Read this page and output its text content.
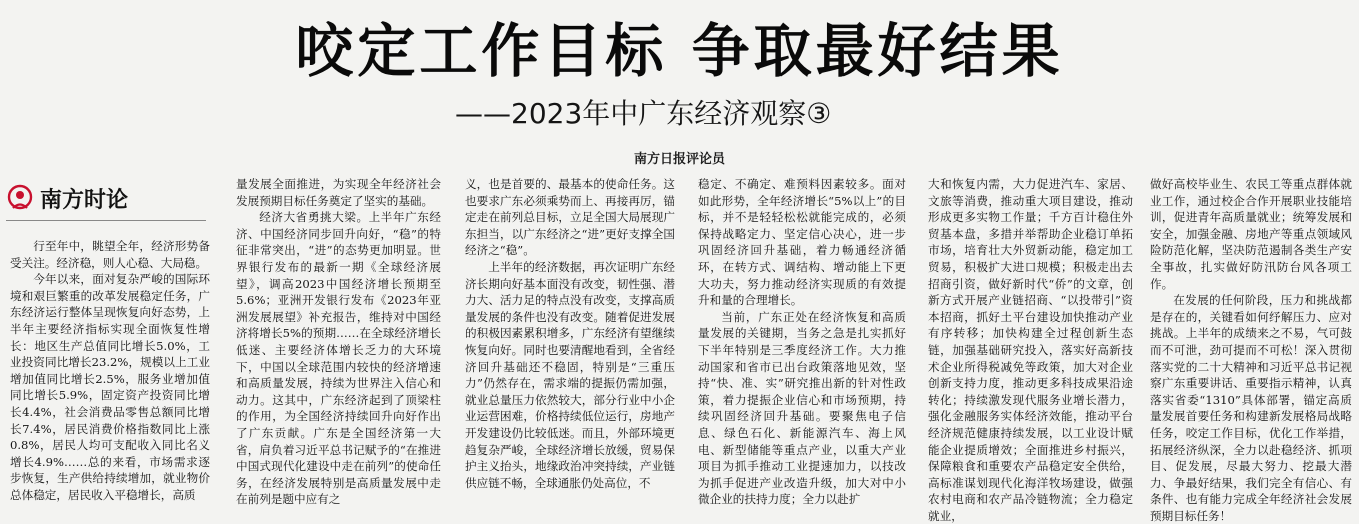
咬定工作目标 争取最好结果
——2023年中广东经济观察③
南方日报评论员
南方时论

行至年中，眺望全年，经济形势备受关注。经济稳，则人心稳、大局稳。

今年以来，面对复杂严峻的国际环境和艰巨繁重的改革发展稳定任务，广东经济运行整体呈现恢复向好态势，上半年主要经济指标实现全面恢复性增长：地区生产总值同比增长5.0%，工业投资同比增长23.2%，规模以上工业增加值同比增长2.5%，服务业增加值同比增长5.9%，固定资产投资同比增长4.4%，社会消费品零售总额同比增长7.4%，居民消费价格指数同比上涨0.8%，居民人均可支配收入同比名义增长4.9%……总的来看，市场需求逐步恢复，生产供给持续增加，就业物价总体稳定，居民收入平稳增长，高质

量发展全面推进，为实现全年经济社会发展预期目标任务奠定了坚实的基础。

经济大省勇挑大梁。上半年广东经济、中国经济同步回升向好，“稳”的特征非常突出，“进”的态势更加明显。世界银行发布的最新一期《全球经济展望》，调高2023中国经济增长预期至5.6%；亚洲开发银行发布《2023年亚洲发展展望》补充报告，维持对中国经济将增长5%的预期……在全球经济增长低迷、主要经济体增长乏力的大环境下，中国以全球范围内较快的经济增速和高质量发展，持续为世界注入信心和动力。这其中，广东经济起到了顶梁柱的作用，为全国经济持续回升向好作出了广东贡献。广东是全国经济第一大省，肩负着习近平总书记赋予的“在推进中国式现代化建设中走在前列”的使命任务，在经济发展特别是高质量发展中走在前列是题中应有之

义，也是首要的、最基本的使命任务。这也要求广东必须乘势而上、再接再厉，锚定走在前列总目标，立足全国大局展现广东担当，以广东经济之“进”更好支撑全国经济之“稳”。

上半年的经济数据，再次证明广东经济长期向好基本面没有改变，韧性强、潜力大、活力足的特点没有改变，支撑高质量发展的条件也没有改变。随着促进发展的积极因素累积增多，广东经济有望继续恢复向好。同时也要清醒地看到，全省经济回升基础还不稳固，特别是“三重压力”仍然存在，需求端的提振仍需加强，就业总量压力依然较大，部分行业中小企业运营困难，价格持续低位运行，房地产开发建设仍比较低迷。而且，外部环境更趋复杂严峻，全球经济增长放缓，贸易保护主义抬头，地缘政治冲突持续，产业链供应链不畅，全球通胀仍处高位，不

稳定、不确定、难预料因素较多。面对如此形势，全年经济增长“5%以上”的目标，并不是轻轻松松就能完成的，必须保持战略定力、坚定信心决心，进一步巩固经济回升基础，着力畅通经济循环，在转方式、调结构、增动能上下更大功夫，努力推动经济实现质的有效提升和量的合理增长。

当前，广东正处在经济恢复和高质量发展的关键期，当务之急是扎实抓好下半年特别是三季度经济工作。大力推动国家和省市已出台政策落地见效，坚持“快、准、实”研究推出新的针对性政策，着力提振企业信心和市场预期，持续巩固经济回升基础。要聚焦电子信息、绿色石化、新能源汽车、海上风电、新型储能等重点产业，以重大产业项目为抓手推动工业提速加力，以技改为抓手促进产业改造升级，加大对中小微企业的扶持力度；全力以赴扩

大和恢复内需，大力促进汽车、家居、文旅等消费，推动重大项目建设，推动形成更多实物工作量；千方百计稳住外贸基本盘，多措并举帮助企业稳订单拓市场，培育壮大外贸新动能，稳定加工贸易，积极扩大进口规模；积极走出去招商引资，做好新时代“侨”的文章，创新方式开展产业链招商、“以投带引”资本招商，抓好土平台建设加快推动产业有序转移；加快构建全过程创新生态链，加强基础研究投入，落实好高新技术企业所得税减免等政策，加大对企业创新支持力度，推动更多科技成果沿途转化；持续激发现代服务业增长潜力，强化金融服务实体经济效能，推动平台经济规范健康持续发展，以工业设计赋能企业提质增效；全面推进乡村振兴，保障粮食和重要农产品稳定安全供给，高标准谋划现代化海洋牧场建设，做强农村电商和农产品冷链物流；全力稳定就业，

做好高校毕业生、农民工等重点群体就业工作，通过校企合作开展职业技能培训，促进青年高质量就业；统筹发展和安全，加强金融、房地产等重点领域风险防范化解，坚决防范遏制各类生产安全事故，扎实做好防汛防台风各项工作。

在发展的任何阶段，压力和挑战都是存在的，关键看如何纾解压力、应对挑战。上半年的成绩来之不易，气可鼓而不可泄，劲可提而不可松！深入贯彻落实党的二十大精神和习近平总书记视察广东重要讲话、重要指示精神，认真落实省委“1310”具体部署，锚定高质量发展首要任务和构建新发展格局战略任务，咬定工作目标，优化工作举措，拓展经济纵深，全力以赴稳经济、抓项目、促发展，尽最大努力、挖最大潜力、争最好结果，我们完全有信心、有条件、也有能力完成全年经济社会发展预期目标任务！
